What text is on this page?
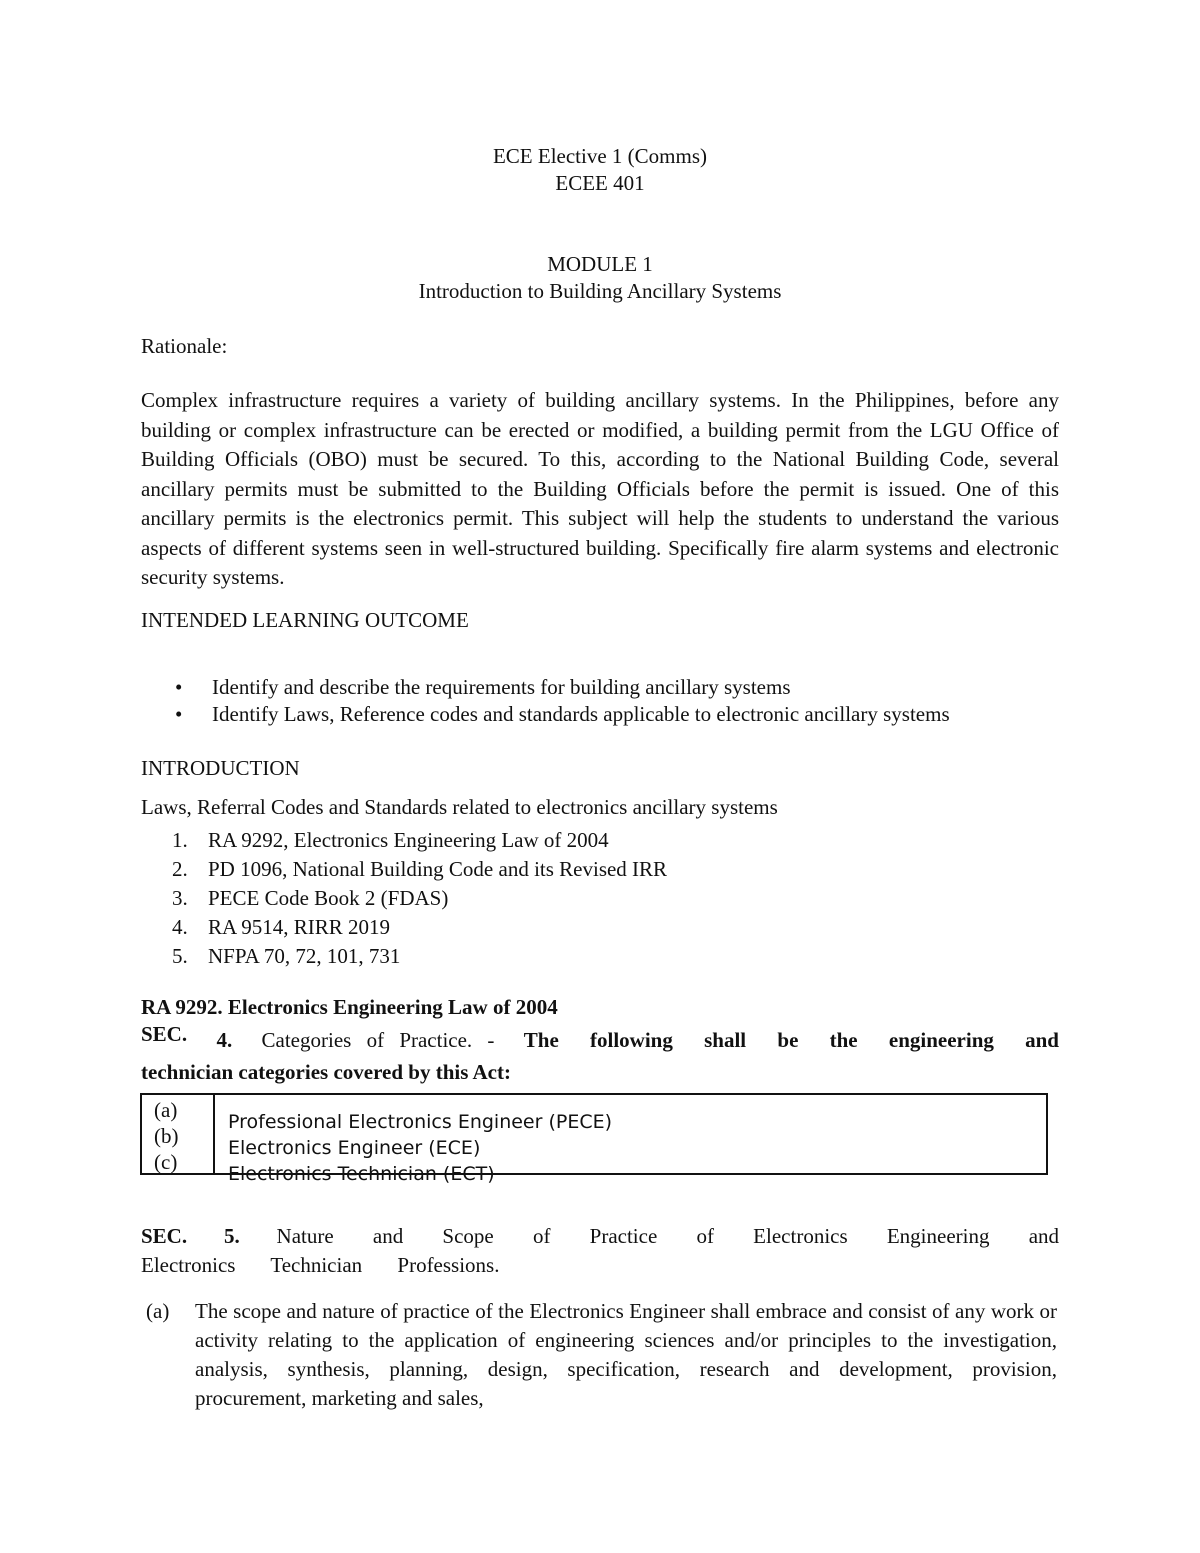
ECE Elective 1 (Comms)
ECEE 401
MODULE 1
Introduction to Building Ancillary Systems
Rationale:
Complex infrastructure requires a variety of building ancillary systems. In the Philippines, before any building or complex infrastructure can be erected or modified, a building permit from the LGU Office of Building Officials (OBO) must be secured. To this, according to the National Building Code, several ancillary permits must be submitted to the Building Officials before the permit is issued. One of this ancillary permits is the electronics permit. This subject will help the students to understand the various aspects of different systems seen in well-structured building. Specifically fire alarm systems and electronic security systems.
INTENDED LEARNING OUTCOME
• Identify and describe the requirements for building ancillary systems
• Identify Laws, Reference codes and standards applicable to electronic ancillary systems
INTRODUCTION
Laws, Referral Codes and Standards related to electronics ancillary systems
1. RA 9292, Electronics Engineering Law of 2004
2. PD 1096, National Building Code and its Revised IRR
3. PECE Code Book 2 (FDAS)
4. RA 9514, RIRR 2019
5. NFPA 70, 72, 101, 731
RA 9292. Electronics Engineering Law of 2004
SEC. 4. Categories of Practice. - The following shall be the engineering and
technician categories covered by this Act:
(a)
(b)
(c)
Professional Electronics Engineer (PECE)
Electronics Engineer (ECE)
Electronics Technician (ECT)
SEC. 5. Nature and Scope of Practice of Electronics Engineering and Electronics Technician Professions.
(a)	The scope and nature of practice of the Electronics Engineer shall embrace and consist of any work or activity relating to the application of engineering sciences and/or principles to the investigation, analysis, synthesis, planning, design, specification, research and development, provision, procurement, marketing and sales,
